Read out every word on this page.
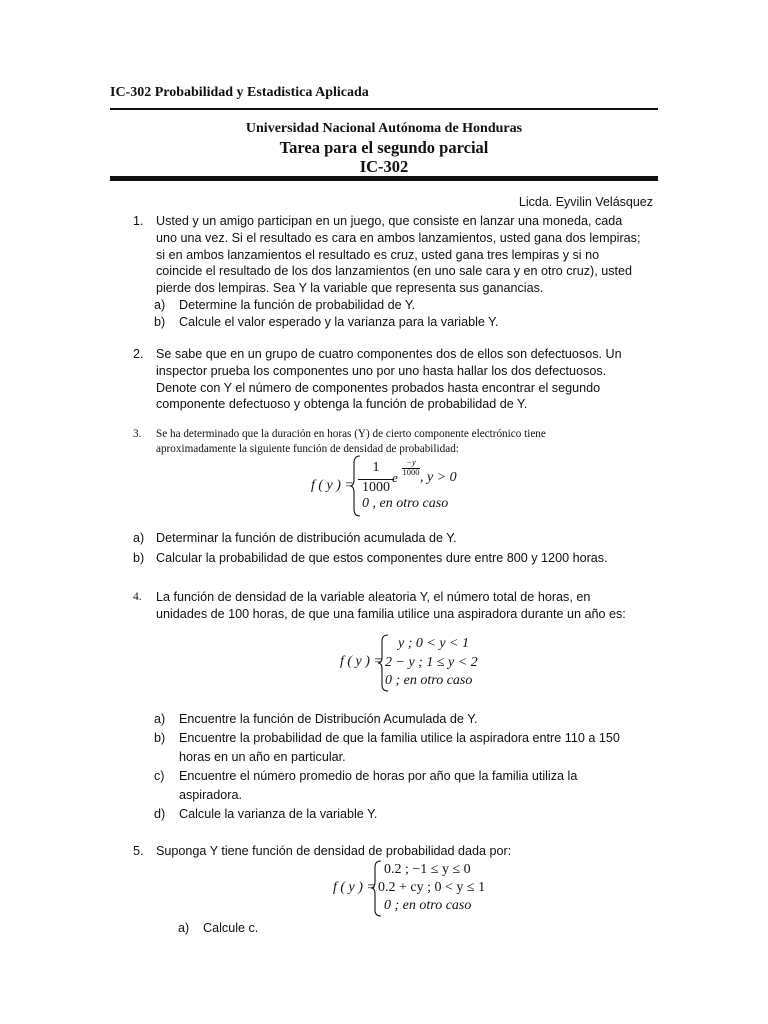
IC-302 Probabilidad y Estadistica Aplicada
Universidad Nacional Autónoma de Honduras
Tarea para el segundo parcial
IC-302
Licda. Eyvilin Velásquez
1. Usted y un amigo participan en un juego, que consiste en lanzar una moneda, cada

uno una vez. Si el resultado es cara en ambos lanzamientos, usted gana dos lempiras;

si en ambos lanzamientos el resultado es cruz, usted gana tres lempiras y si no

coincide el resultado de los dos lanzamientos (en uno sale cara y en otro cruz), usted

pierde dos lempiras. Sea Y la variable que representa sus ganancias.

a) Determine la función de probabilidad de Y.
b) Calcule el valor esperado y la varianza para la variable Y.
2. Se sabe que en un grupo de cuatro componentes dos de ellos son defectuosos. Un

inspector prueba los componentes uno por uno hasta hallar los dos defectuosos.

Denote con Y el número de componentes probados hasta encontrar el segundo

componente defectuoso y obtenga la función de probabilidad de Y.

3. Se ha determinado que la duración en horas (Y) de cierto componente electrónico tiene

aproximadamente la siguiente función de densidad de probabilidad:

f ( y ) =
1
1000
e
−y
1000 , y > 0
0 , en otro caso
a) Determinar la función de distribución acumulada de Y.
b) Calcular la probabilidad de que estos componentes dure entre 800 y 1200 horas.
4. La función de densidad de la variable aleatoria Y, el número total de horas, en

unidades de 100 horas, de que una familia utilice una aspiradora durante un año es:

f ( y ) =
y ; 0 < y < 1
2 − y ; 1 ≤ y < 2
0 ; en otro caso
a) Encuentre la función de Distribución Acumulada de Y.
b) Encuentre la probabilidad de que la familia utilice la aspiradora entre 110 a 150
horas en un año en particular.
c) Encuentre el número promedio de horas por año que la familia utiliza la
aspiradora.
d) Calcule la varianza de la variable Y.
5. Suponga Y tiene función de densidad de probabilidad dada por:

f ( y ) =
0.2 ; −1 ≤ y ≤ 0
0.2 + cy ; 0 < y ≤ 1
0 ; en otro caso
a) Calcule c.
